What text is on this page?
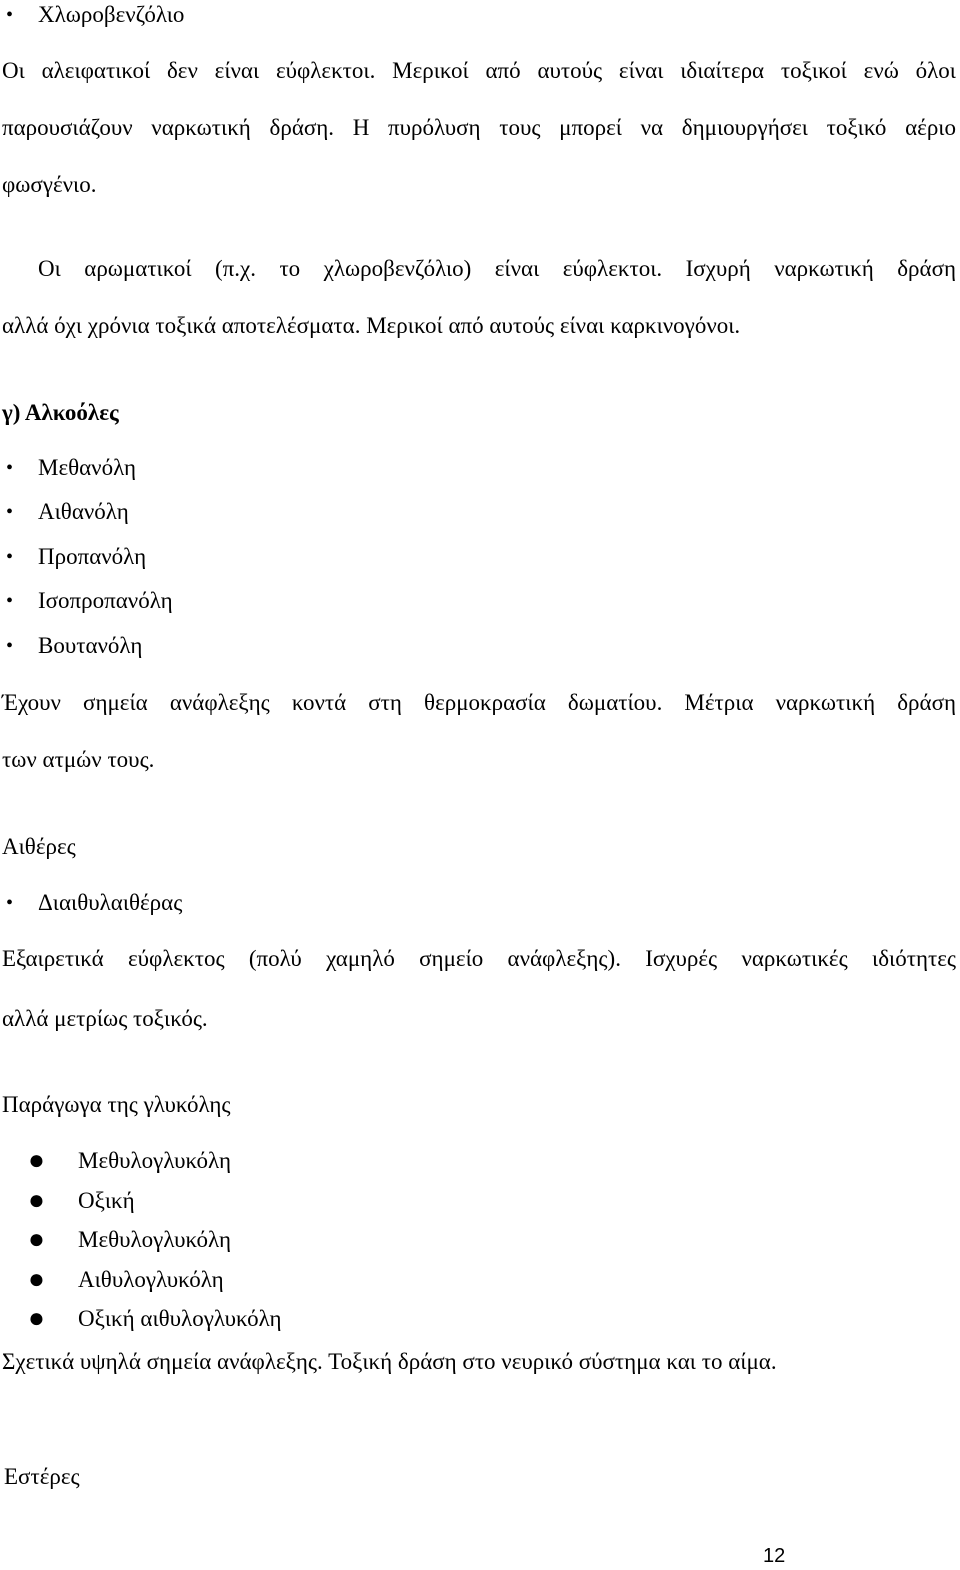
• Χλωροβενζόλιο
Οι αλειφατικοί δεν είναι εύφλεκτοι. Μερικοί από αυτούς είναι ιδιαίτερα τοξικοί ενώ όλοι
παρουσιάζουν ναρκωτική δράση. Η πυρόλυση τους μπορεί να δημιουργήσει τοξικό αέριο
φωσγένιο.
Οι αρωματικοί (π.χ. το χλωροβενζόλιο) είναι εύφλεκτοι. Ισχυρή ναρκωτική δράση
αλλά όχι χρόνια τοξικά αποτελέσματα. Μερικοί από αυτούς είναι καρκινογόνοι.
γ) Αλκοόλες
• Μεθανόλη
• Αιθανόλη
• Προπανόλη
• Ισοπροπανόλη
• Βουτανόλη
Έχουν σημεία ανάφλεξης κοντά στη θερμοκρασία δωματίου. Μέτρια ναρκωτική δράση
των ατμών τους.
Αιθέρες
• Διαιθυλαιθέρας
Εξαιρετικά εύφλεκτος (πολύ χαμηλό σημείο ανάφλεξης). Ισχυρές ναρκωτικές ιδιότητες
αλλά μετρίως τοξικός.
Παράγωγα της γλυκόλης
● Μεθυλογλυκόλη
● Οξική
● Μεθυλογλυκόλη
● Αιθυλογλυκόλη
● Οξική αιθυλογλυκόλη
Σχετικά υψηλά σημεία ανάφλεξης. Τοξική δράση στο νευρικό σύστημα και το αίμα.
Εστέρες
12
